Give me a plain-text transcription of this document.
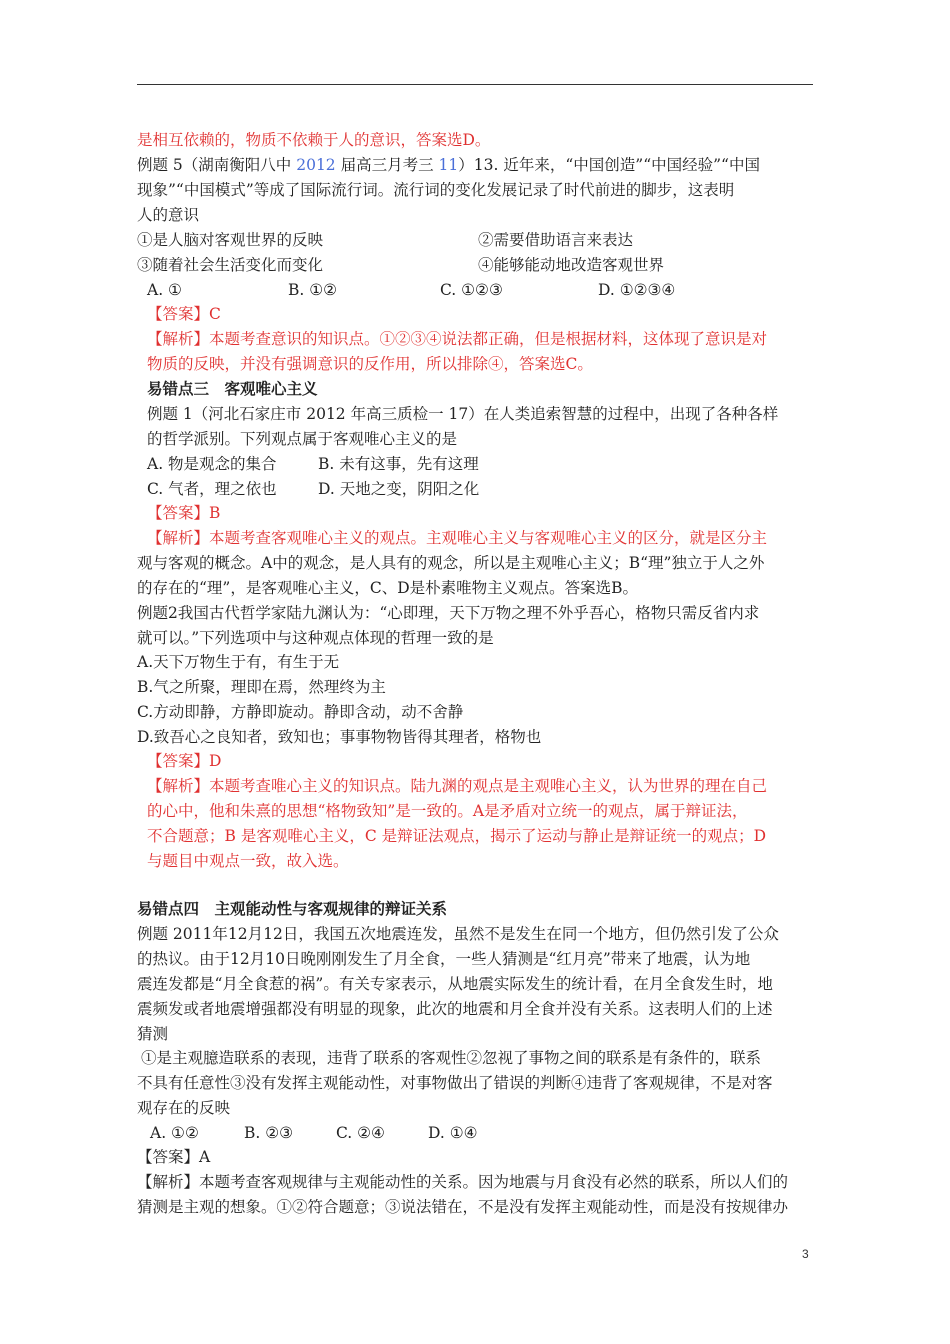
是相互依赖的，物质不依赖于人的意识，答案选D。
例题 5（湖南衡阳八中 2012 届高三月考三 11）13. 近年来，“中国创造”“中国经验”“中国
现象”“中国模式”等成了国际流行词。流行词的变化发展记录了时代前进的脚步，这表明
人的意识
①是人脑对客观世界的反映	②需要借助语言来表达
③随着社会生活变化而变化	④能够能动地改造客观世界
A. ①	B. ①②	C. ①②③	D. ①②③④
【答案】C
【解析】本题考查意识的知识点。①②③④说法都正确，但是根据材料，这体现了意识是对
物质的反映，并没有强调意识的反作用，所以排除④，答案选C。
易错点三　客观唯心主义
例题 1（河北石家庄市 2012 年高三质检一 17）在人类追索智慧的过程中，出现了各种各样
的哲学派别。下列观点属于客观唯心主义的是
A. 物是观念的集合	B. 未有这事，先有这理
C. 气者，理之依也	D. 天地之变，阴阳之化
【答案】B
【解析】本题考查客观唯心主义的观点。主观唯心主义与客观唯心主义的区分，就是区分主
观与客观的概念。A中的观念，是人具有的观念，所以是主观唯心主义；B“理”独立于人之外
的存在的“理”，是客观唯心主义，C、D是朴素唯物主义观点。答案选B。
例题2我国古代哲学家陆九渊认为：“心即理，天下万物之理不外乎吾心，格物只需反省内求
就可以。”下列选项中与这种观点体现的哲理一致的是
A.天下万物生于有，有生于无
B.气之所聚，理即在焉，然理终为主
C.方动即静，方静即旋动。静即含动，动不舍静
D.致吾心之良知者，致知也；事事物物皆得其理者，格物也
【答案】D
【解析】本题考查唯心主义的知识点。陆九渊的观点是主观唯心主义，认为世界的理在自己
的心中，他和朱熹的思想“格物致知”是一致的。A是矛盾对立统一的观点，属于辩证法，
不合题意；B 是客观唯心主义，C 是辩证法观点，揭示了运动与静止是辩证统一的观点；D
与题目中观点一致，故入选。
易错点四　主观能动性与客观规律的辩证关系
例题 2011年12月12日，我国五次地震连发，虽然不是发生在同一个地方，但仍然引发了公众
的热议。由于12月10日晚刚刚发生了月全食，一些人猜测是“红月亮”带来了地震，认为地
震连发都是“月全食惹的祸”。有关专家表示，从地震实际发生的统计看，在月全食发生时，地
震频发或者地震增强都没有明显的现象，此次的地震和月全食并没有关系。这表明人们的上述
猜测
①是主观臆造联系的表现，违背了联系的客观性②忽视了事物之间的联系是有条件的，联系
不具有任意性③没有发挥主观能动性，对事物做出了错误的判断④违背了客观规律，不是对客
观存在的反映
A. ①②	B. ②③	C. ②④	D. ①④
【答案】A
【解析】本题考查客观规律与主观能动性的关系。因为地震与月食没有必然的联系，所以人们的
猜测是主观的想象。①②符合题意；③说法错在，不是没有发挥主观能动性，而是没有按规律办
3
